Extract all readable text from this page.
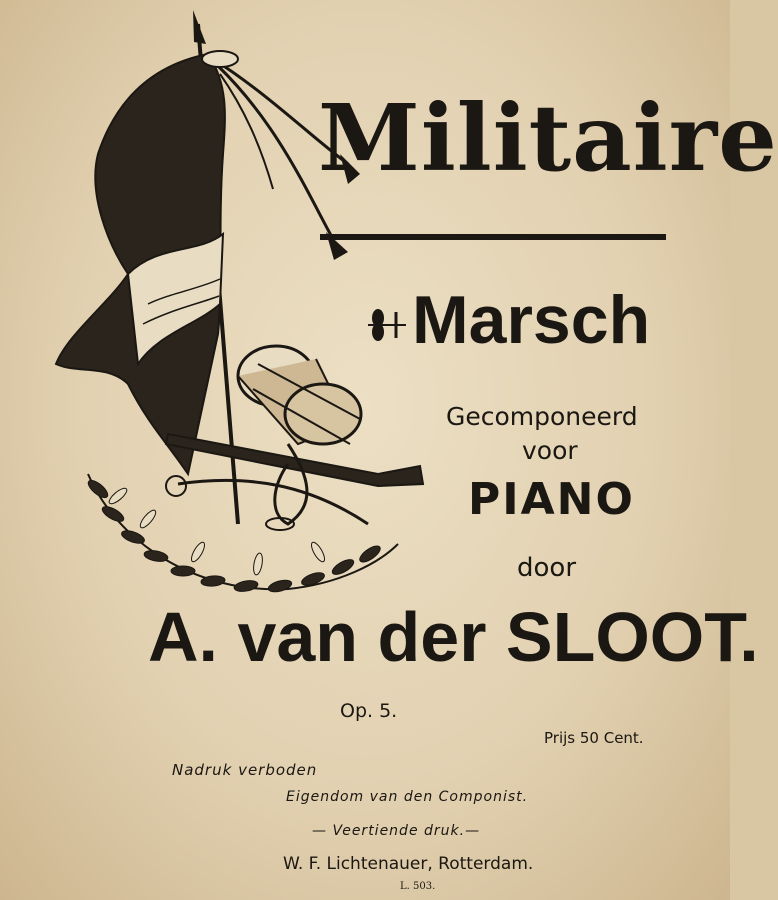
Militaire
Marsch
Gecomponeerd
voor
PIANO
door
A. van der SLOOT.
Op. 5.
Prijs 50 Cent.
Nadruk verboden
Eigendom van den Componist.
— Veertiende druk.—
W. F. Lichtenauer, Rotterdam.
L. 503.
